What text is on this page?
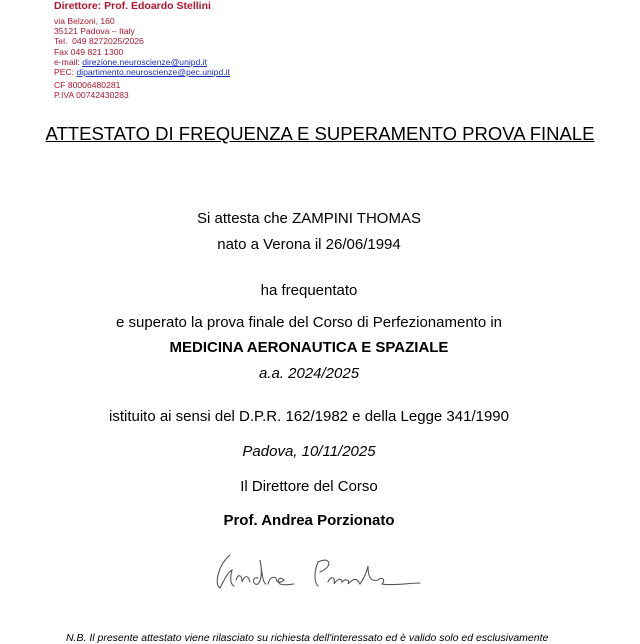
Direttore: Prof. Edoardo Stellini
via Belzoni, 160
35121 Padova – Italy
Tel.  049 8272025/2026
Fax 049 821 1300
e-mail: direzione.neuroscienze@unipd.it
PEC: dipartimento.neuroscienze@pec.unipd.it
CF 80006480281
P.IVA 00742430283
ATTESTATO DI FREQUENZA E SUPERAMENTO PROVA FINALE
Si attesta che ZAMPINI THOMAS
nato a Verona il 26/06/1994
ha frequentato
e superato la prova finale del Corso di Perfezionamento in
MEDICINA AERONAUTICA E SPAZIALE
a.a. 2024/2025
istituito ai sensi del D.P.R. 162/1982 e della Legge 341/1990
Padova, 10/11/2025
Il Direttore del Corso
Prof. Andrea Porzionato
N.B. Il presente attestato viene rilasciato su richiesta dell'interessato ed è valido solo ed esclusivamente
